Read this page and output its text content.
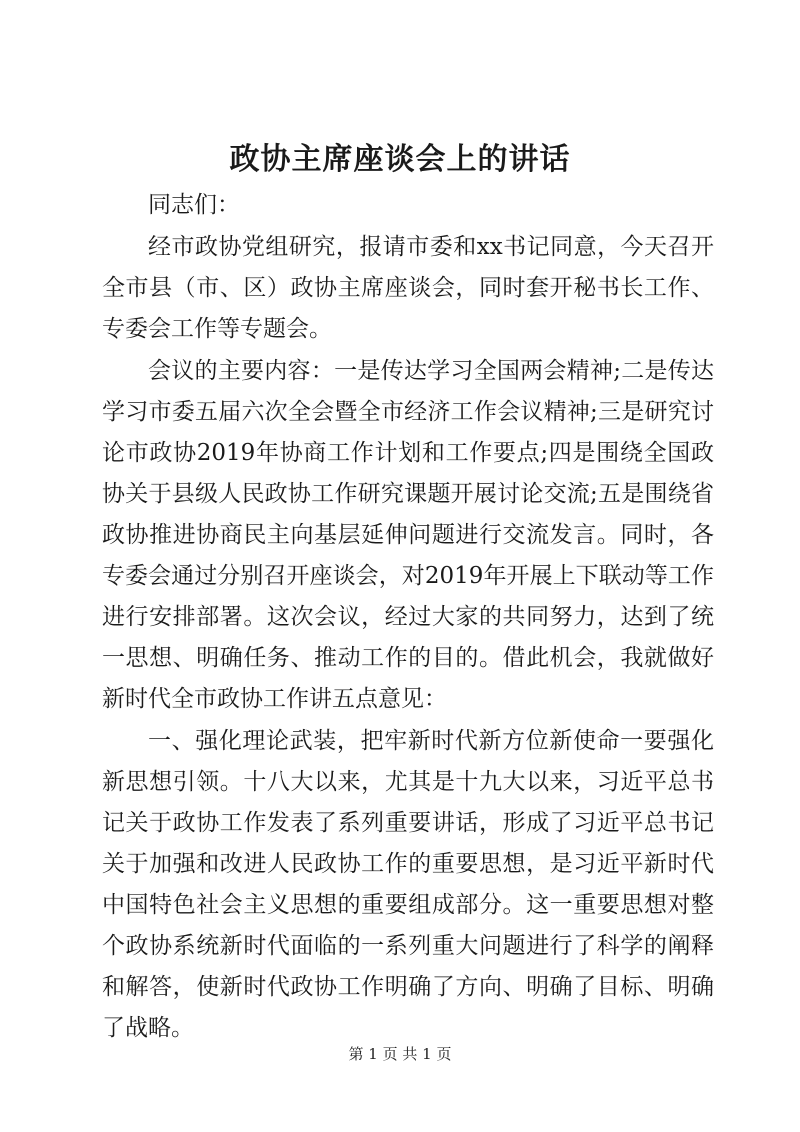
政协主席座谈会上的讲话

同志们：

经市政协党组研究，报请市委和xx书记同意，今天召开全市县（市、区）政协主席座谈会，同时套开秘书长工作、专委会工作等专题会。

会议的主要内容：一是传达学习全国两会精神;二是传达学习市委五届六次全会暨全市经济工作会议精神;三是研究讨论市政协2019年协商工作计划和工作要点;四是围绕全国政协关于县级人民政协工作研究课题开展讨论交流;五是围绕省政协推进协商民主向基层延伸问题进行交流发言。同时，各专委会通过分别召开座谈会，对2019年开展上下联动等工作进行安排部署。这次会议，经过大家的共同努力，达到了统一思想、明确任务、推动工作的目的。借此机会，我就做好新时代全市政协工作讲五点意见：

一、强化理论武装，把牢新时代新方位新使命一要强化新思想引领。十八大以来，尤其是十九大以来，习近平总书记关于政协工作发表了系列重要讲话，形成了习近平总书记关于加强和改进人民政协工作的重要思想，是习近平新时代中国特色社会主义思想的重要组成部分。这一重要思想对整个政协系统新时代面临的一系列重大问题进行了科学的阐释和解答，使新时代政协工作明确了方向、明确了目标、明确了战略。

第 1 页 共 1 页
